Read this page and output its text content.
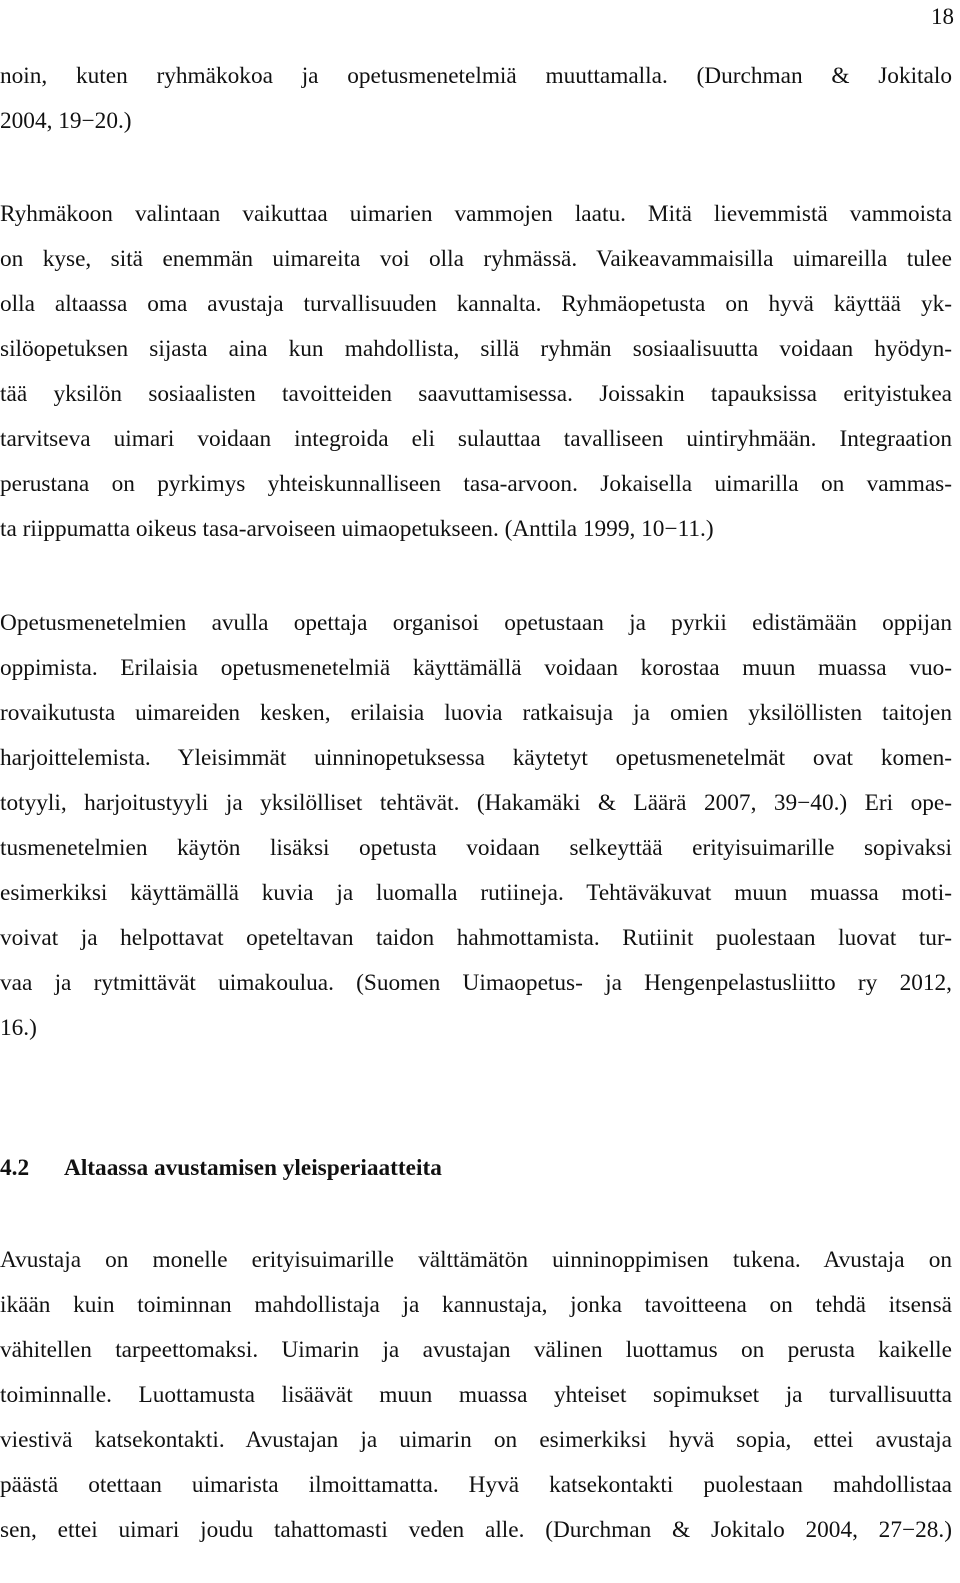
18
noin, kuten ryhmäkokoa ja opetusmenetelmiä muuttamalla. (Durchman & Jokitalo
2004, 19−20.)
Ryhmäkoon valintaan vaikuttaa uimarien vammojen laatu. Mitä lievemmistä vammoista
on kyse, sitä enemmän uimareita voi olla ryhmässä. Vaikeavammaisilla uimareilla tulee
olla altaassa oma avustaja turvallisuuden kannalta. Ryhmäopetusta on hyvä käyttää yk-
silöopetuksen sijasta aina kun mahdollista, sillä ryhmän sosiaalisuutta voidaan hyödyn-
tää yksilön sosiaalisten tavoitteiden saavuttamisessa. Joissakin tapauksissa erityistukea
tarvitseva uimari voidaan integroida eli sulauttaa tavalliseen uintiryhmään. Integraation
perustana on pyrkimys yhteiskunnalliseen tasa-arvoon. Jokaisella uimarilla on vammas-
ta riippumatta oikeus tasa-arvoiseen uimaopetukseen. (Anttila 1999, 10−11.)
Opetusmenetelmien avulla opettaja organisoi opetustaan ja pyrkii edistämään oppijan
oppimista. Erilaisia opetusmenetelmiä käyttämällä voidaan korostaa muun muassa vuo-
rovaikutusta uimareiden kesken, erilaisia luovia ratkaisuja ja omien yksilöllisten taitojen
harjoittelemista. Yleisimmät uinninopetuksessa käytetyt opetusmenetelmät ovat komen-
totyyli, harjoitustyyli ja yksilölliset tehtävät. (Hakamäki & Läärä 2007, 39−40.) Eri ope-
tusmenetelmien käytön lisäksi opetusta voidaan selkeyttää erityisuimarille sopivaksi
esimerkiksi käyttämällä kuvia ja luomalla rutiineja. Tehtäväkuvat muun muassa moti-
voivat ja helpottavat opeteltavan taidon hahmottamista. Rutiinit puolestaan luovat tur-
vaa ja rytmittävät uimakoulua. (Suomen Uimaopetus- ja Hengenpelastusliitto ry 2012,
16.)
4.2 Altaassa avustamisen yleisperiaatteita
Avustaja on monelle erityisuimarille välttämätön uinninoppimisen tukena. Avustaja on
ikään kuin toiminnan mahdollistaja ja kannustaja, jonka tavoitteena on tehdä itsensä
vähitellen tarpeettomaksi. Uimarin ja avustajan välinen luottamus on perusta kaikelle
toiminnalle. Luottamusta lisäävät muun muassa yhteiset sopimukset ja turvallisuutta
viestivä katsekontakti. Avustajan ja uimarin on esimerkiksi hyvä sopia, ettei avustaja
päästä otettaan uimarista ilmoittamatta. Hyvä katsekontakti puolestaan mahdollistaa
sen, ettei uimari joudu tahattomasti veden alle. (Durchman & Jokitalo 2004, 27−28.)
